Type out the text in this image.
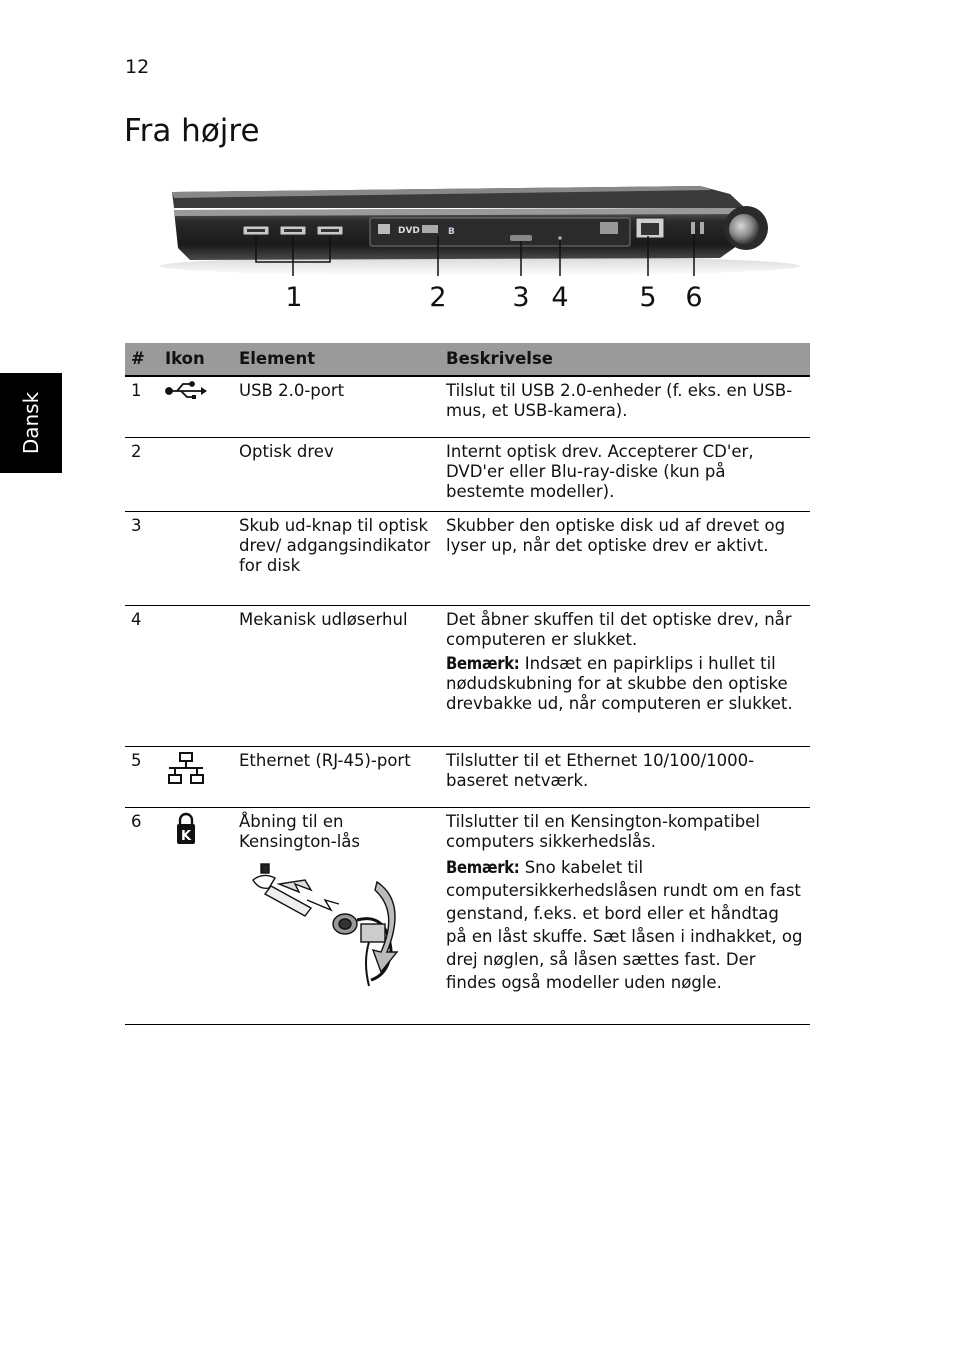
12
Fra højre
Dansk
DVD	B
1	2 3 4	5 6
#	Ikon	Element	Beskrivelse
1		USB 2.0-port	Tilslut til USB 2.0-enheder (f. eks. en USB-mus, et USB-kamera).
2		Optisk drev	Internt optisk drev. Accepterer CD'er, DVD'er eller Blu-ray-diske (kun på bestemte modeller).
3		Skub ud-knap til optisk drev/ adgangsindikator for disk	Skubber den optiske disk ud af drevet og lyser up, når det optiske drev er aktivt.
4		Mekanisk udløserhul	Det åbner skuffen til det optiske drev, når computeren er slukket.
Bemærk: Indsæt en papirklips i hullet til nødudskubning for at skubbe den optiske drevbakke ud, når computeren er slukket.

5		Ethernet (RJ-45)-port	Tilslutter til et Ethernet 10/100/1000-baseret netværk.
6	K	Åbning til en Kensington-lås	Tilslutter til en Kensington-kompatibel computers sikkerhedslås.
Bemærk: Sno kabelet til computersikkerhedslåsen rundt om en fast genstand, f.eks. et bord eller et håndtag på en låst skuffe. Sæt låsen i indhakket, og drej nøglen, så låsen sættes fast. Der findes også modeller uden nøgle.
